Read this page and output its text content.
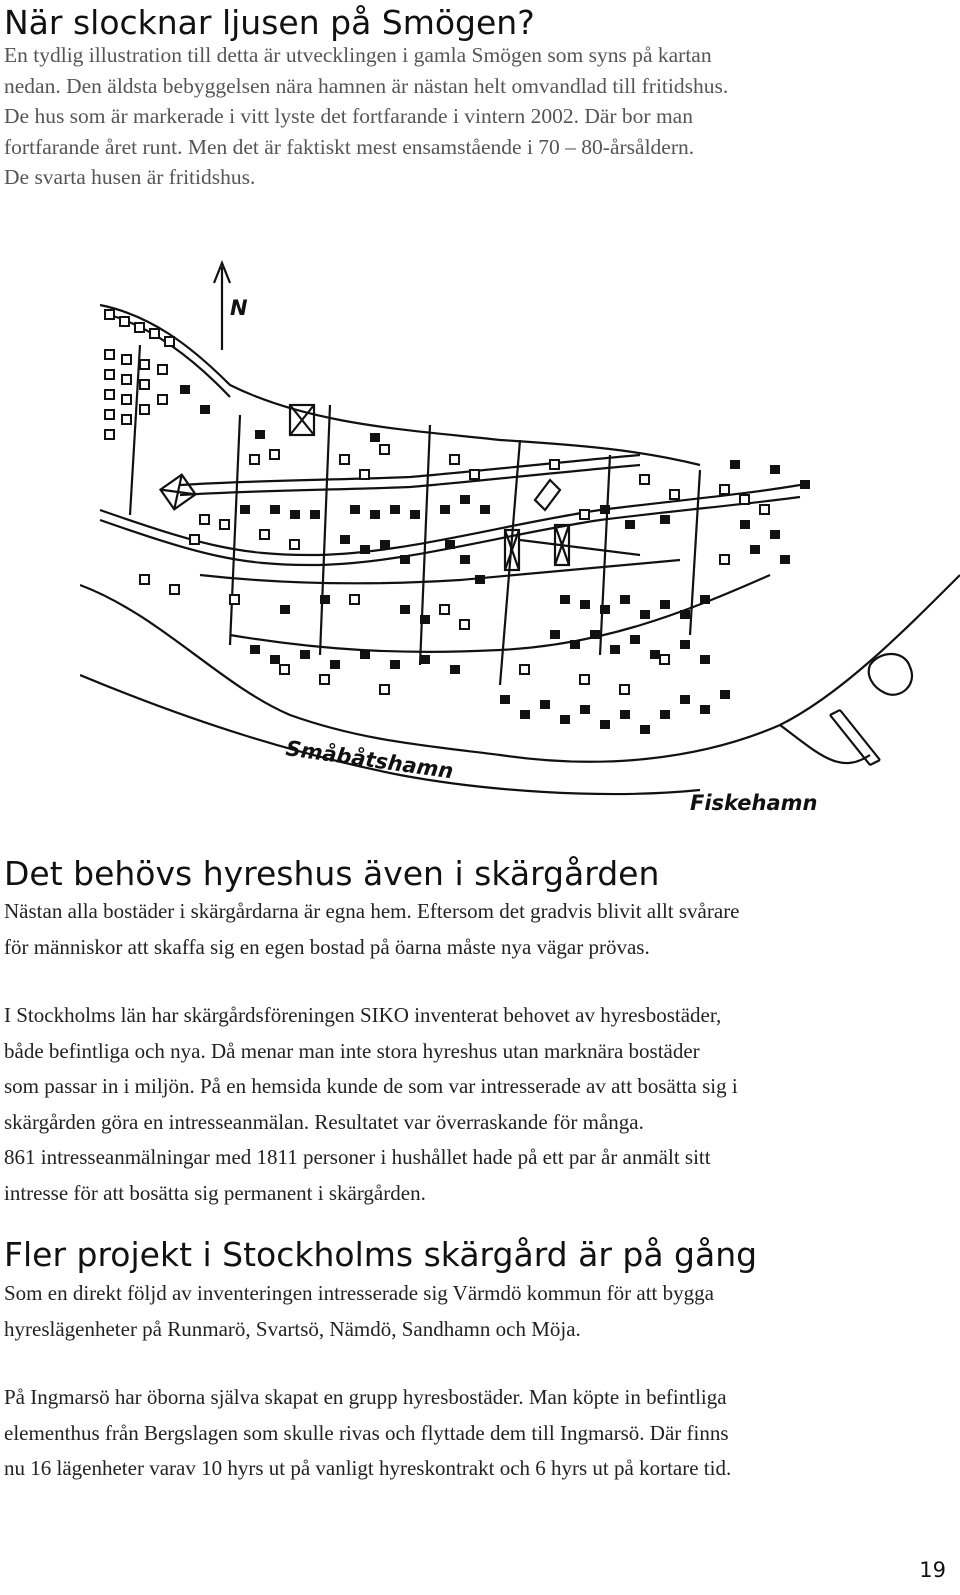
När slocknar ljusen på Smögen?

En tydlig illustration till detta är utvecklingen i gamla Smögen som syns på kartan
nedan. Den äldsta bebyggelsen nära hamnen är nästan helt omvandlad till fritidshus.
De hus som är markerade i vitt lyste det fortfarande i vintern 2002. Där bor man
fortfarande året runt. Men det är faktiskt mest ensamstående i 70 – 80-årsåldern.
De svarta husen är fritidshus.

N
Småbåtshamn
Fiskehamn
Det behövs hyreshus även i skärgården

Nästan alla bostäder i skärgårdarna är egna hem. Eftersom det gradvis blivit allt svårare
för människor att skaffa sig en egen bostad på öarna måste nya vägar prövas.

I Stockholms län har skärgårdsföreningen SIKO inventerat behovet av hyresbostäder,
både befintliga och nya. Då menar man inte stora hyreshus utan marknära bostäder
som passar in i miljön. På en hemsida kunde de som var intresserade av att bosätta sig i
skärgården göra en intresseanmälan. Resultatet var överraskande för många.
861 intresseanmälningar med 1811 personer i hushållet hade på ett par år anmält sitt
intresse för att bosätta sig permanent i skärgården.

Fler projekt i Stockholms skärgård är på gång

Som en direkt följd av inventeringen intresserade sig Värmdö kommun för att bygga
hyreslägenheter på Runmarö, Svartsö, Nämdö, Sandhamn och Möja.

På Ingmarsö har öborna själva skapat en grupp hyresbostäder. Man köpte in befintliga
elementhus från Bergslagen som skulle rivas och flyttade dem till Ingmarsö. Där finns
nu 16 lägenheter varav 10 hyrs ut på vanligt hyreskontrakt och 6 hyrs ut på kortare tid.

19
